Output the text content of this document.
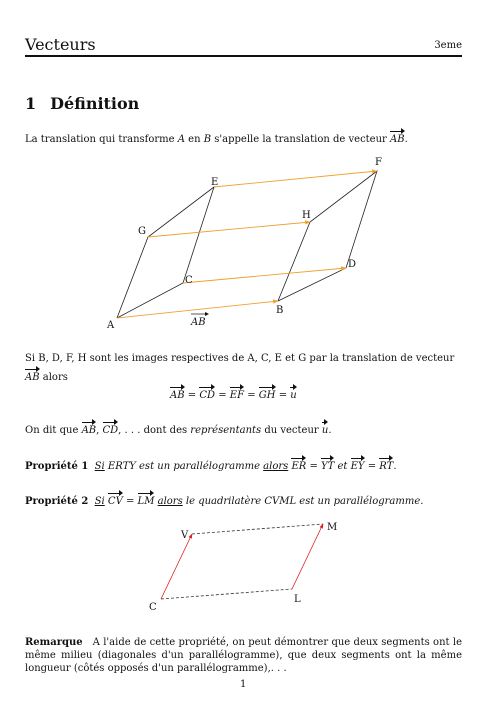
Vecteurs	3eme
1 Définition

La translation qui transforme A en B s'appelle la translation de vecteur AB.

A
B
C
D
E
F
G
H
AB

Si B, D, F, H sont les images respectives de A, C, E et G par la translation de vecteur

AB alors

AB = CD = EF = GH = u

On dit que AB, CD, . . . dont des représentants du vecteur u.

Propriété 1 Si ERTY est un parallélogramme alors ER = YT et EY = RT.

Propriété 2 Si CV = LM alors le quadrilatère CVML est un parallélogramme.

V
M
C
L

Remarque A l'aide de cette propriété, on peut démontrer que deux segments ont le même milieu (diagonales d'un parallélogramme), que deux segments ont la même longueur (côtés opposés d'un parallélogramme),. . .

1
